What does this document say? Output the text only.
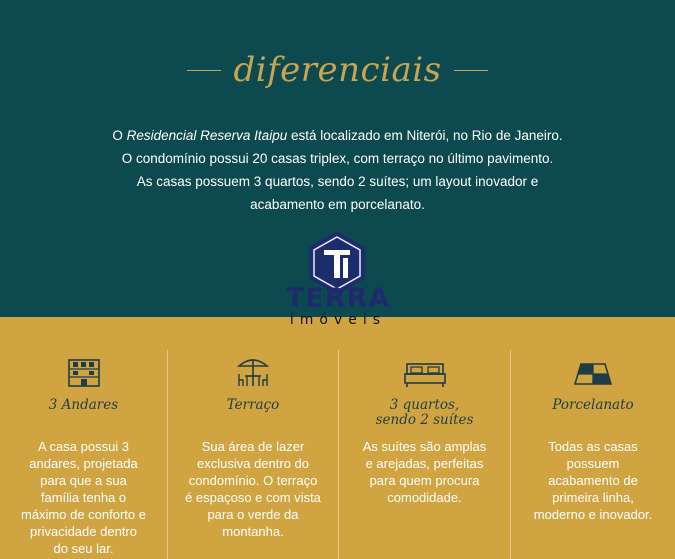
diferenciais
O Residencial Reserva Itaipu está localizado em Niterói, no Rio de Janeiro.
O condomínio possui 20 casas triplex, com terraço no último pavimento.
As casas possuem 3 quartos, sendo 2 suítes; um layout inovador e
acabamento em porcelanato.
TERRA
imóveis
3 Andares
A casa possui 3
andares, projetada
para que a sua
família tenha o
máximo de conforto e
privacidade dentro
do seu lar.
Terraço
Sua área de lazer
exclusiva dentro do
condomínio. O terraço
é espaçoso e com vista
para o verde da
montanha.
3 quartos,
sendo 2 suítes
As suítes são amplas
e arejadas, perfeitas
para quem procura
comodidade.
Porcelanato
Todas as casas
possuem
acabamento de
primeira linha,
moderno e inovador.
